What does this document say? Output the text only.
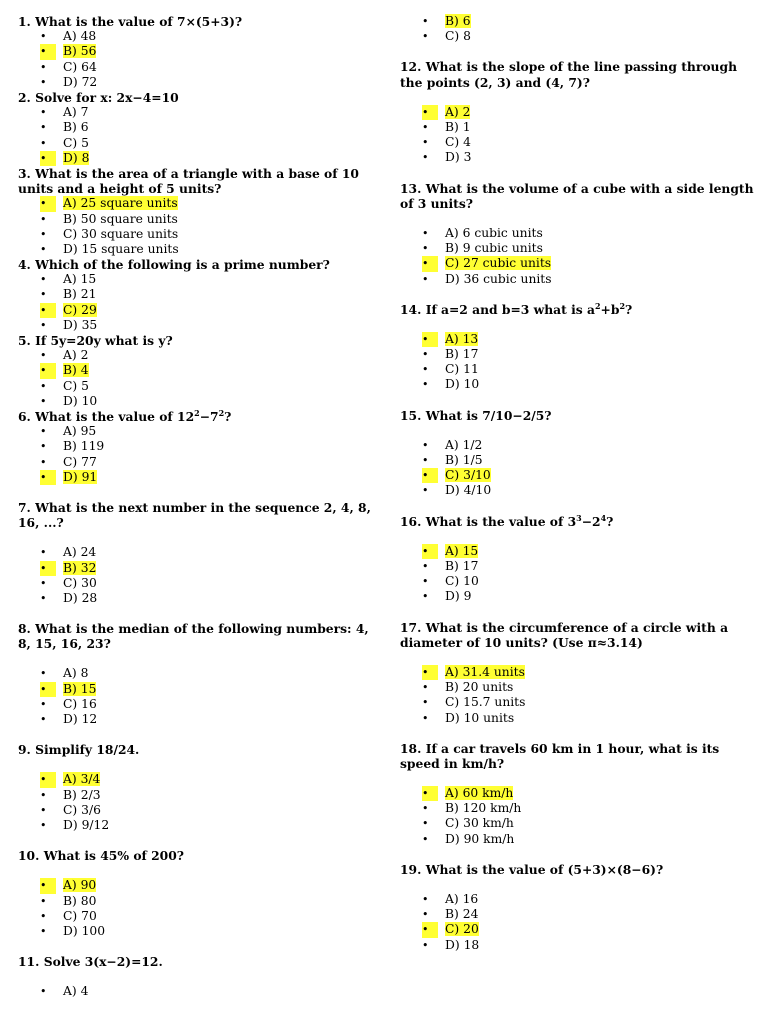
1. What is the value of 7×(5+3)?

•	A) 48
•	B) 56
•	C) 64
•	D) 72

2. Solve for x: 2x−4=10

•	A) 7
•	B) 6
•	C) 5
•	D) 8

3. What is the area of a triangle with a base of 10 units and a height of 5 units?

•	A) 25 square units
•	B) 50 square units
•	C) 30 square units
•	D) 15 square units

4. Which of the following is a prime number?

•	A) 15
•	B) 21
•	C) 29
•	D) 35

5. If 5y=20y what is y?

•	A) 2
•	B) 4
•	C) 5
•	D) 10

6. What is the value of $12^2-7^2$?

•	A) 95
•	B) 119
•	C) 77
•	D) 91

7. What is the next number in the sequence 2, 4, 8, 16, ...?

•	A) 24
•	B) 32
•	C) 30
•	D) 28

8. What is the median of the following numbers: 4, 8, 15, 16, 23?

•	A) 8
•	B) 15
•	C) 16
•	D) 12

9. Simplify 18/24.

•	A) 3/4
•	B) 2/3
•	C) 3/6
•	D) 9/12

10. What is 45% of 200?

•	A) 90
•	B) 80
•	C) 70
•	D) 100

11. Solve 3(x−2)=12.

•	A) 4
•	B) 6
•	C) 8

12. What is the slope of the line passing through the points (2, 3) and (4, 7)?

•	A) 2
•	B) 1
•	C) 4
•	D) 3

13. What is the volume of a cube with a side length of 3 units?

•	A) 6 cubic units
•	B) 9 cubic units
•	C) 27 cubic units
•	D) 36 cubic units

14. If a=2 and b=3 what is $a^2+b^2$?

•	A) 13
•	B) 17
•	C) 11
•	D) 10

15. What is 7/10−2/5?

•	A) 1/2
•	B) 1/5
•	C) 3/10
•	D) 4/10

16. What is the value of $3^3-2^4$?

•	A) 15
•	B) 17
•	C) 10
•	D) 9

17. What is the circumference of a circle with a diameter of 10 units? (Use π≈3.14)

•	A) 31.4 units
•	B) 20 units
•	C) 15.7 units
•	D) 10 units

18. If a car travels 60 km in 1 hour, what is its speed in km/h?

•	A) 60 km/h
•	B) 120 km/h
•	C) 30 km/h
•	D) 90 km/h

19. What is the value of (5+3)×(8−6)?

•	A) 16
•	B) 24
•	C) 20
•	D) 18
